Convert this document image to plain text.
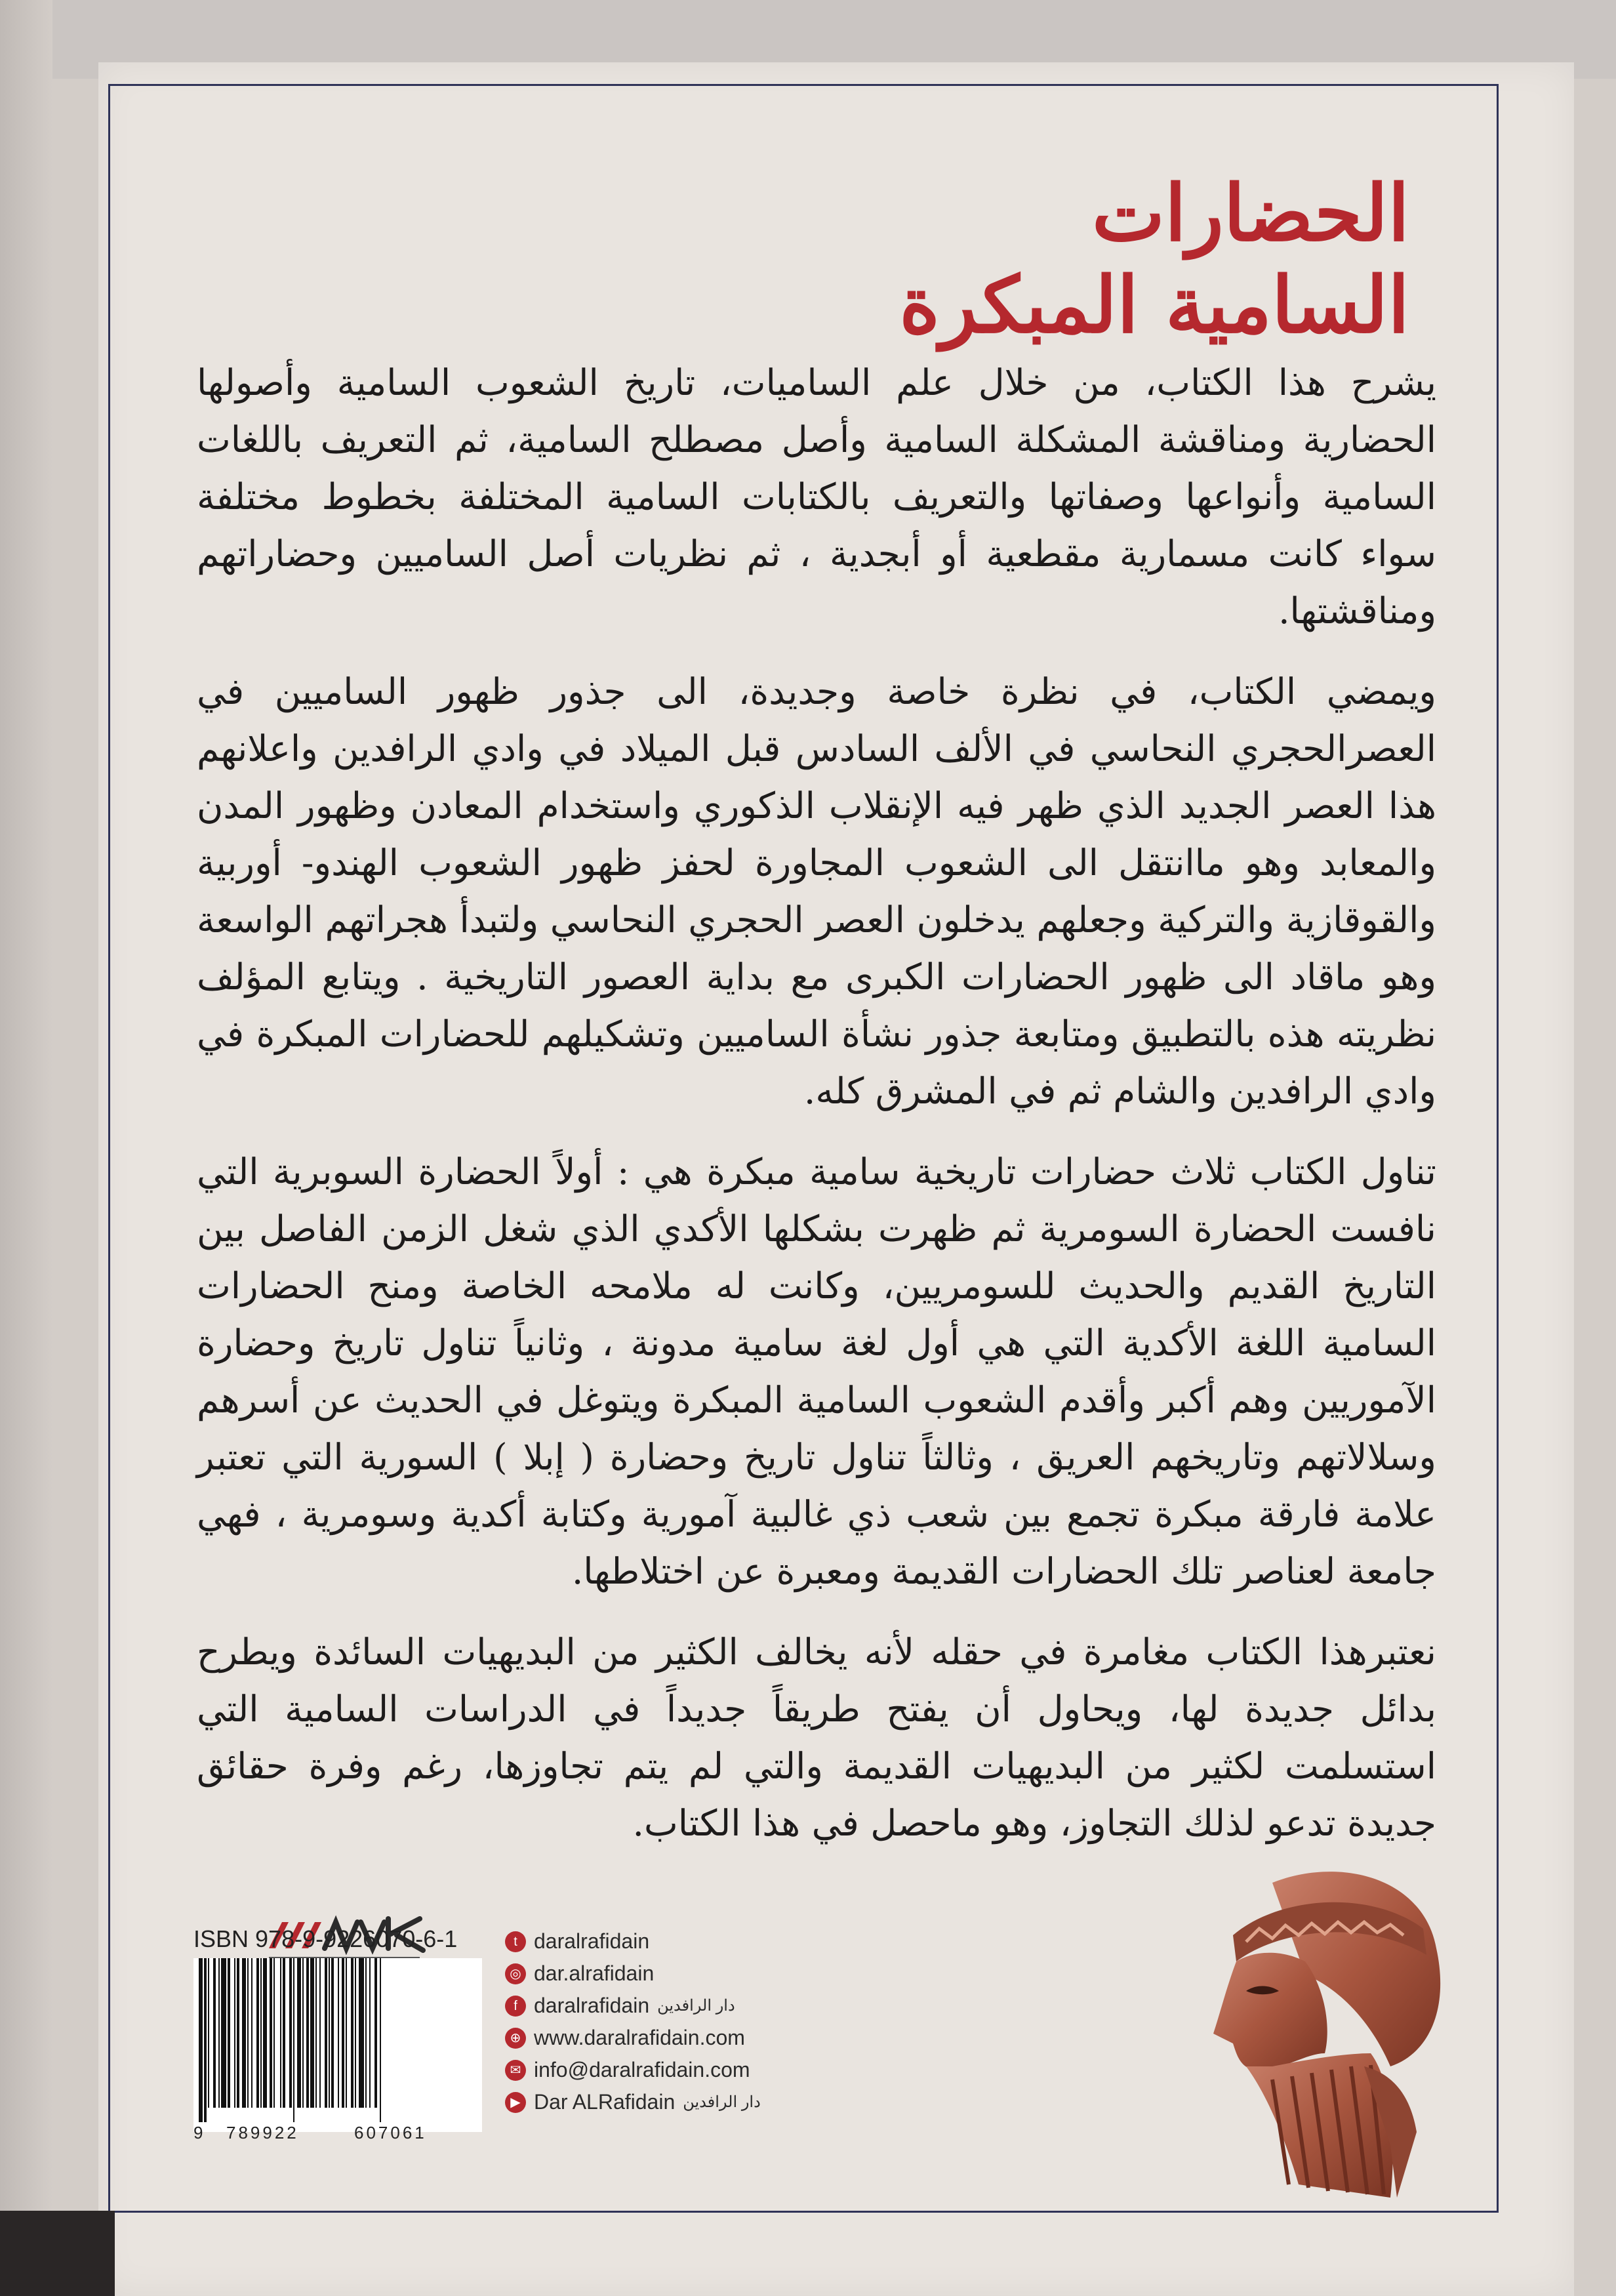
الحضارات
السامية المبكرة

يشرح هذا الكتاب، من خلال علم الساميات، تاريخ الشعوب السامية وأصولها الحضارية ومناقشة المشكلة السامية وأصل مصطلح السامية، ثم التعريف باللغات السامية وأنواعها وصفاتها والتعريف بالكتابات السامية المختلفة بخطوط مختلفة سواء كانت مسمارية مقطعية أو أبجدية ، ثم نظريات أصل الساميين وحضاراتهم ومناقشتها.

ويمضي الكتاب، في نظرة خاصة وجديدة، الى جذور ظهور الساميين في العصرالحجري النحاسي في الألف السادس قبل الميلاد في وادي الرافدين واعلانهم هذا العصر الجديد الذي ظهر فيه الإنقلاب الذكوري واستخدام المعادن وظهور المدن والمعابد وهو ماانتقل الى الشعوب المجاورة لحفز ظهور الشعوب الهندو- أوربية والقوقازية والتركية وجعلهم يدخلون العصر الحجري النحاسي ولتبدأ هجراتهم الواسعة وهو ماقاد الى ظهور الحضارات الكبرى مع بداية العصور التاريخية . ويتابع المؤلف نظريته هذه بالتطبيق ومتابعة جذور نشأة الساميين وتشكيلهم للحضارات المبكرة في وادي الرافدين والشام ثم في المشرق كله.

تناول الكتاب ثلاث حضارات تاريخية سامية مبكرة هي : أولاً الحضارة السوبرية التي نافست الحضارة السومرية ثم ظهرت بشكلها الأكدي الذي شغل الزمن الفاصل بين التاريخ القديم والحديث للسومريين، وكانت له ملامحه الخاصة ومنح الحضارات السامية اللغة الأكدية التي هي أول لغة سامية مدونة ، وثانياً تناول تاريخ وحضارة الآموريين وهم أكبر وأقدم الشعوب السامية المبكرة ويتوغل في الحديث عن أسرهم وسلالاتهم وتاريخهم العريق ، وثالثاً تناول تاريخ وحضارة ( إبلا ) السورية التي تعتبر علامة فارقة مبكرة تجمع بين شعب ذي غالبية آمورية وكتابة أكدية وسومرية ، فهي جامعة لعناصر تلك الحضارات القديمة ومعبرة عن اختلاطها.

نعتبرهذا الكتاب مغامرة في حقله لأنه يخالف الكثير من البديهيات السائدة ويطرح بدائل جديدة لها، ويحاول أن يفتح طريقاً جديداً في الدراسات السامية التي استسلمت لكثير من البديهيات القديمة والتي لم يتم تجاوزها، رغم وفرة حقائق جديدة تدعو لذلك التجاوز، وهو ماحصل في هذا الكتاب.

ISBN 978-9-9226070-6-1
9 789922	607061
t daralrafidain
◎ dar.alrafidain
f daralrafidain دار الرافدين
⊕ www.daralrafidain.com
✉ info@daralrafidain.com
▶ Dar ALRafidain دار الرافدين
